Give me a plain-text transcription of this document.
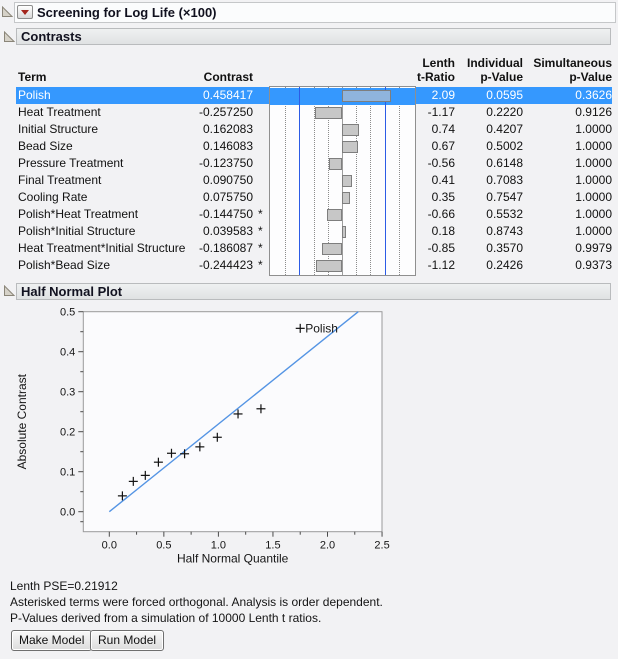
Screening for Log Life (×100)
Contrasts
Lenth Individual Simultaneous
Term	Contrast	t-Ratio	p-Value	p-Value
Polish	0.458417	2.09	0.0595	0.3626
Heat Treatment	-0.257250	-1.17	0.2220	0.9126
Initial Structure	0.162083	0.74	0.4207	1.0000
Bead Size	0.146083	0.67	0.5002	1.0000
Pressure Treatment	-0.123750	-0.56	0.6148	1.0000
Final Treatment	0.090750	0.41	0.7083	1.0000
Cooling Rate	0.075750	0.35	0.7547	1.0000
Polish*Heat Treatment	-0.144750 *	-0.66	0.5532	1.0000
Polish*Initial Structure	0.039583 *	0.18	0.8743	1.0000
Heat Treatment*Initial Structure	-0.186087 *	-0.85	0.3570	0.9979
Polish*Bead Size	-0.244423 *	-1.12	0.2426	0.9373
Half Normal Plot
0.0
0.1
0.2
0.3
0.4
0.5
0.0	0.5	1.0	1.5	2.0	2.5
Half Normal Quantile
Absolute Contrast
Polish
Lenth PSE=0.21912
Asterisked terms were forced orthogonal. Analysis is order dependent.
P-Values derived from a simulation of 10000 Lenth t ratios.
Make Model	Run Model
